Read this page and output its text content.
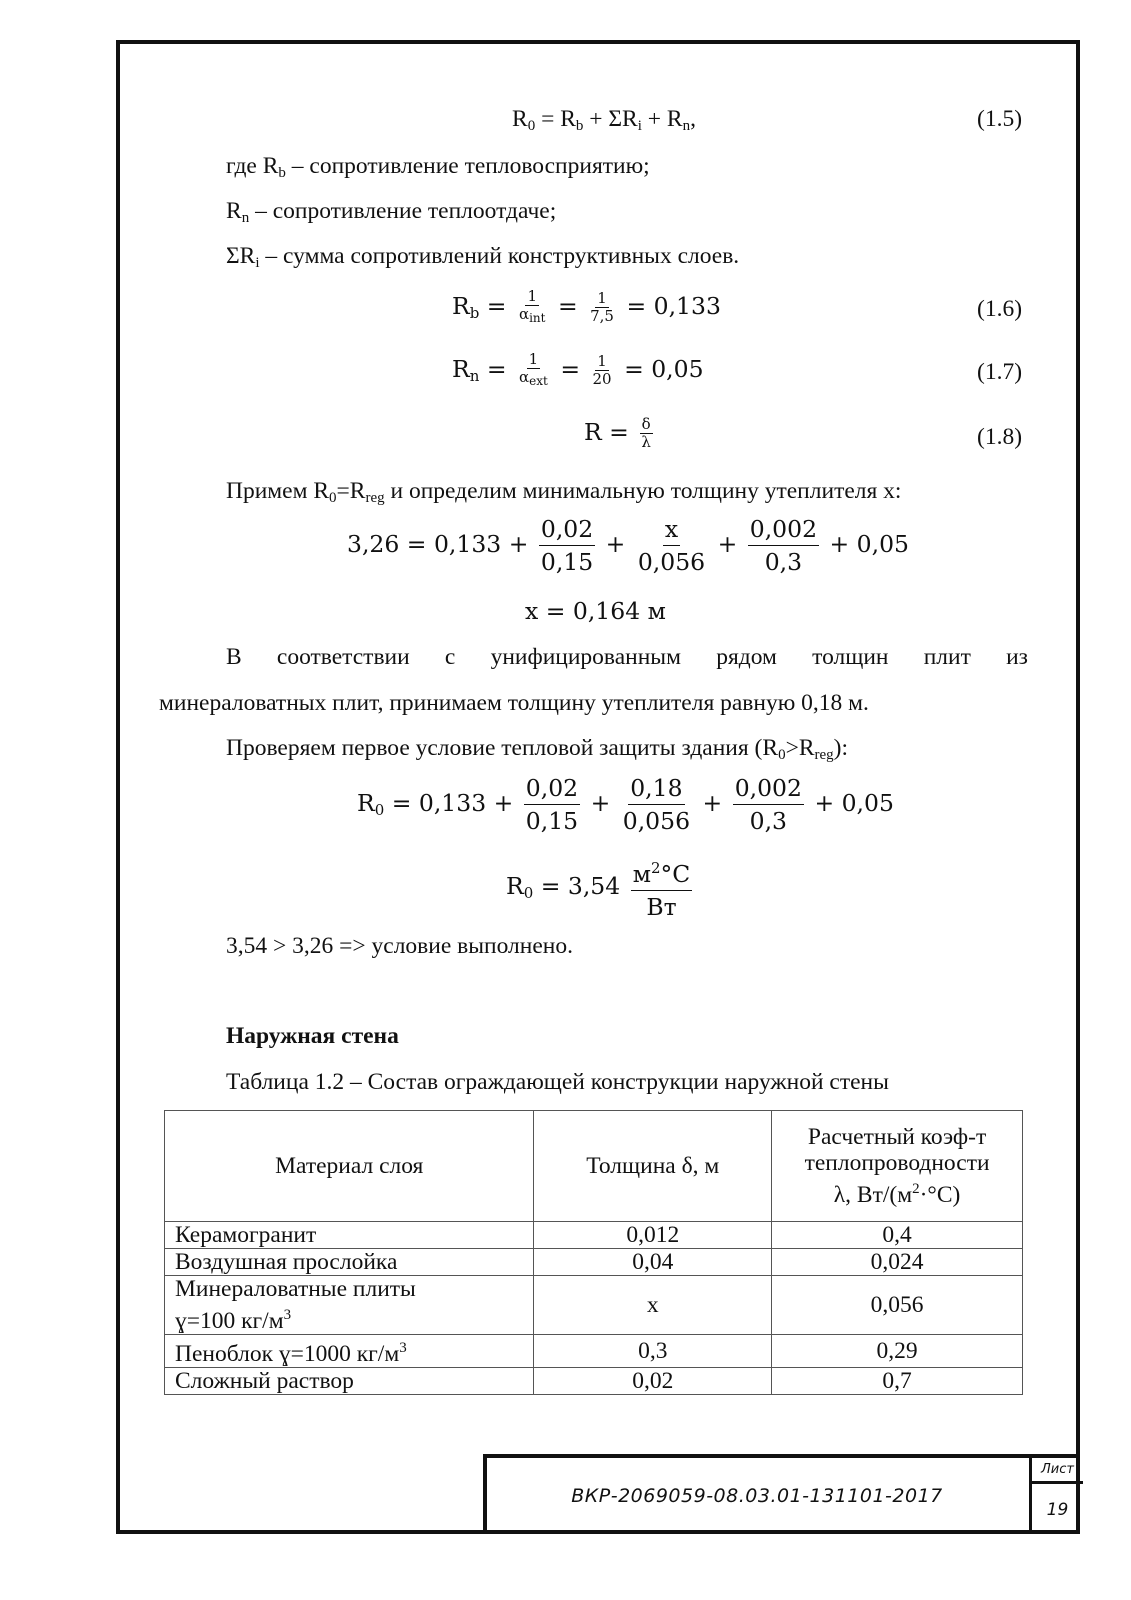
$R_0 = R_b + \Sigma R_i + R_n$,	(1.5)
где $R_b$ – сопротивление тепловосприятию;
$R_n$ – сопротивление теплоотдаче;
$\Sigma R_i$ – сумма сопротивлений конструктивных слоев.
$R_b = \frac{1}{\alpha_{int}} = \frac{1}{7,5} = 0,133$	(1.6)
$R_n = \frac{1}{\alpha_{ext}} = \frac{1}{20} = 0,05$	(1.7)
$R = \frac{\delta}{\lambda}$	(1.8)
Примем $R_0=R_{reg}$ и определим минимальную толщину утеплителя x:
$3,26 = 0,133 + \frac{0,02}{0,15} + \frac{x}{0,056} + \frac{0,002}{0,3} + 0,05$
x = 0,164 м
В соответствии с унифицированным рядом толщин плит из
минераловатных плит, принимаем толщину утеплителя равную 0,18 м.
Проверяем первое условие тепловой защиты здания $(R_0>R_{reg})$:
$R_0 = 0,133 + \frac{0,02}{0,15} + \frac{0,18}{0,056} + \frac{0,002}{0,3} + 0,05$
$R_0 = 3,54 \frac{м^2^\circ C}{Вт}$
3,54 > 3,26 => условие выполнено.
Наружная стена
Таблица 1.2 – Состав ограждающей конструкции наружной стены
Материал слоя	Толщина δ, м	Расчетный коэф-т
теплопроводности
λ, $Вт/(м^2\cdot^\circ С)$
Керамогранит	0,012	0,4
Воздушная прослойка	0,04	0,024
Минераловатные плиты
ɣ=100 $кг/м^3$	x	0,056
Пеноблок ɣ=1000 $кг/м^3$	0,3	0,29
Сложный раствор	0,02	0,7
ВКР-2069059-08.03.01-131101-2017
Лист
19
